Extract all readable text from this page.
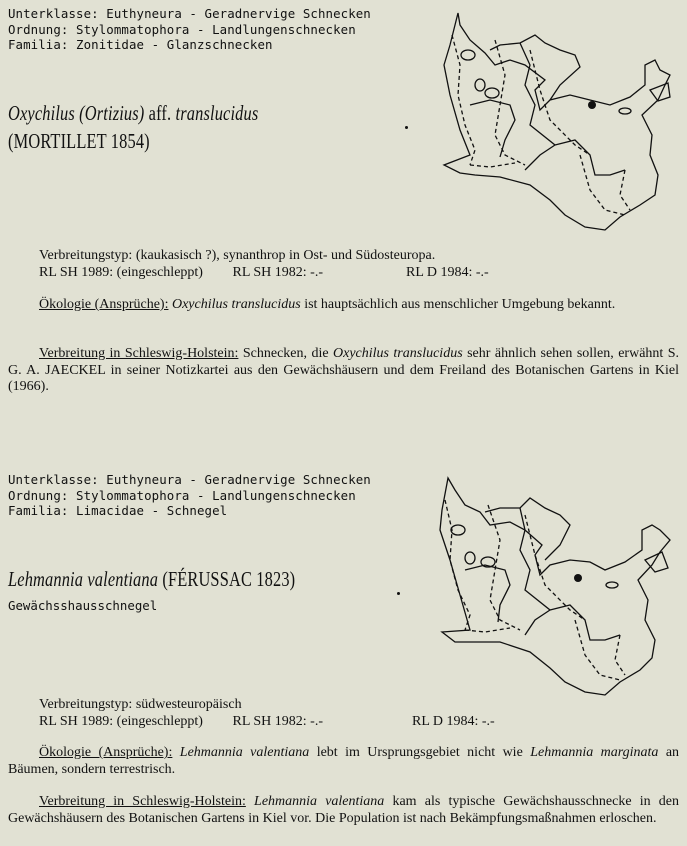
Unterklasse: Euthyneura - Geradnervige Schnecken
Ordnung: Stylommatophora - Landlungenschnecken
Familia: Zonitidae - Glanzschnecken
Oxychilus (Ortizius) aff. translucidus
(MORTILLET 1854)
Verbreitungstyp: (kaukasisch ?), synanthrop in Ost- und Südosteuropa.
RL SH 1989: (eingeschleppt) RL SH 1982: -.-	RL D 1984: -.-

Ökologie (Ansprüche): Oxychilus translucidus ist hauptsächlich aus menschlicher Umgebung bekannt.

Verbreitung in Schleswig-Holstein: Schnecken, die Oxychilus translucidus sehr ähnlich sehen sollen, erwähnt S. G. A. JAECKEL in seiner Notizkartei aus den Gewächshäusern und dem Freiland des Botanischen Gartens in Kiel (1966).

Unterklasse: Euthyneura - Geradnervige Schnecken
Ordnung: Stylommatophora - Landlungenschnecken
Familia: Limacidae - Schnegel
Lehmannia valentiana (FÉRUSSAC 1823)
Gewächsshausschnegel
Verbreitungstyp: südwesteuropäisch
RL SH 1989: (eingeschleppt) RL SH 1982: -.-	RL D 1984: -.-

Ökologie (Ansprüche): Lehmannia valentiana lebt im Ursprungsgebiet nicht wie Lehmannia marginata an Bäumen, sondern terrestrisch.

Verbreitung in Schleswig-Holstein: Lehmannia valentiana kam als typische Gewächshausschnecke in den Gewächshäusern des Botanischen Gartens in Kiel vor. Die Population ist nach Bekämpfungsmaßnahmen erloschen.
